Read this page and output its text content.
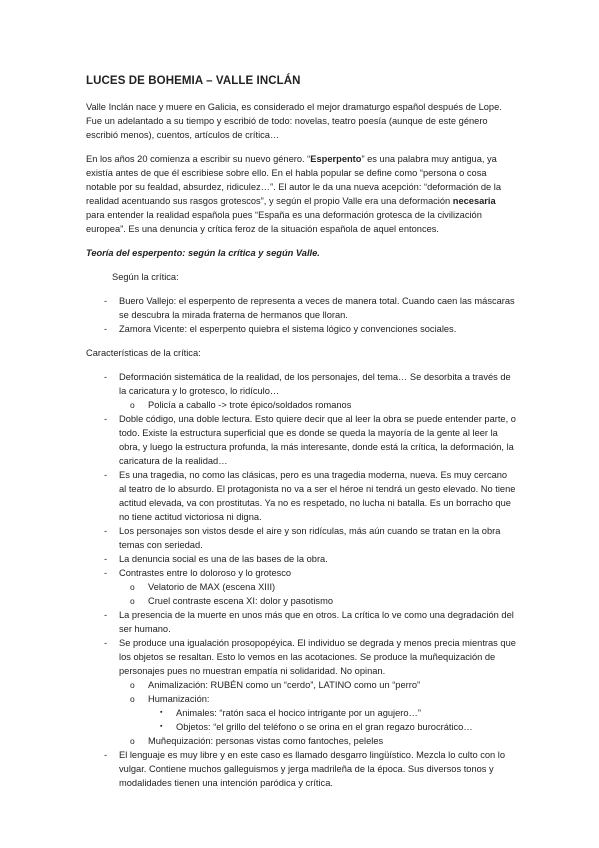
LUCES DE BOHEMIA – VALLE INCLÁN

Valle Inclán nace y muere en Galicia, es considerado el mejor dramaturgo español después de Lope. Fue un adelantado a su tiempo y escribió de todo: novelas, teatro poesía (aunque de este género escribió menos), cuentos, artículos de crítica…

En los años 20 comienza a escribir su nuevo género. “Esperpento” es una palabra muy antigua, ya existía antes de que él escribiese sobre ello. En el habla popular se define como “persona o cosa notable por su fealdad, absurdez, ridiculez…”. El autor le da una nueva acepción: “deformación de la realidad acentuando sus rasgos grotescos”, y según el propio Valle era una deformación necesaria para entender la realidad española pues “España es una deformación grotesca de la civilización europea”. Es una denuncia y crítica feroz de la situación española de aquel entonces.

Teoría del esperpento: según la crítica y según Valle.

Según la crítica:

- Buero Vallejo: el esperpento de representa a veces de manera total. Cuando caen las máscaras se descubra la mirada fraterna de hermanos que lloran.
- Zamora Vicente: el esperpento quiebra el sistema lógico y convenciones sociales.

Características de la crítica:

- Deformación sistemática de la realidad, de los personajes, del tema… Se desorbita a través de la caricatura y lo grotesco, lo ridículo…
o Policía a caballo -> trote épico/soldados romanos
- Doble código, una doble lectura. Esto quiere decir que al leer la obra se puede entender parte, o todo. Existe la estructura superficial que es donde se queda la mayoría de la gente al leer la obra, y luego la estructura profunda, la más interesante, donde está la crítica, la deformación, la caricatura de la realidad…
- Es una tragedia, no como las clásicas, pero es una tragedia moderna, nueva. Es muy cercano al teatro de lo absurdo. El protagonista no va a ser el héroe ni tendrá un gesto elevado. No tiene actitud elevada, va con prostitutas. Ya no es respetado, no lucha ni batalla. Es un borracho que no tiene actitud victoriosa ni digna.
- Los personajes son vistos desde el aire y son ridículas, más aún cuando se tratan en la obra temas con seriedad.
- La denuncia social es una de las bases de la obra.
- Contrastes entre lo doloroso y lo grotesco
o Velatorio de MAX (escena XIII)
o Cruel contraste escena XI: dolor y pasotismo
- La presencia de la muerte en unos más que en otros. La crítica lo ve como una degradación del ser humano.
- Se produce una igualación prosopopéyica. El individuo se degrada y menos precia mientras que los objetos se resaltan. Esto lo vemos en las acotaciones. Se produce la muñequización de personajes pues no muestran empatía ni solidaridad. No opinan.
o Animalización: RUBÉN como un “cerdo”, LATINO como un “perro”
o Humanización:
▪ Animales: “ratón saca el hocico intrigante por un agujero…”
▪ Objetos: “el grillo del teléfono o se orina en el gran regazo burocrático…
o Muñequización: personas vistas como fantoches, peleles
- El lenguaje es muy libre y en este caso es llamado desgarro lingüístico. Mezcla lo culto con lo vulgar. Contiene muchos galleguismos y jerga madrileña de la época. Sus diversos tonos y modalidades tienen una intención paródica y crítica.
